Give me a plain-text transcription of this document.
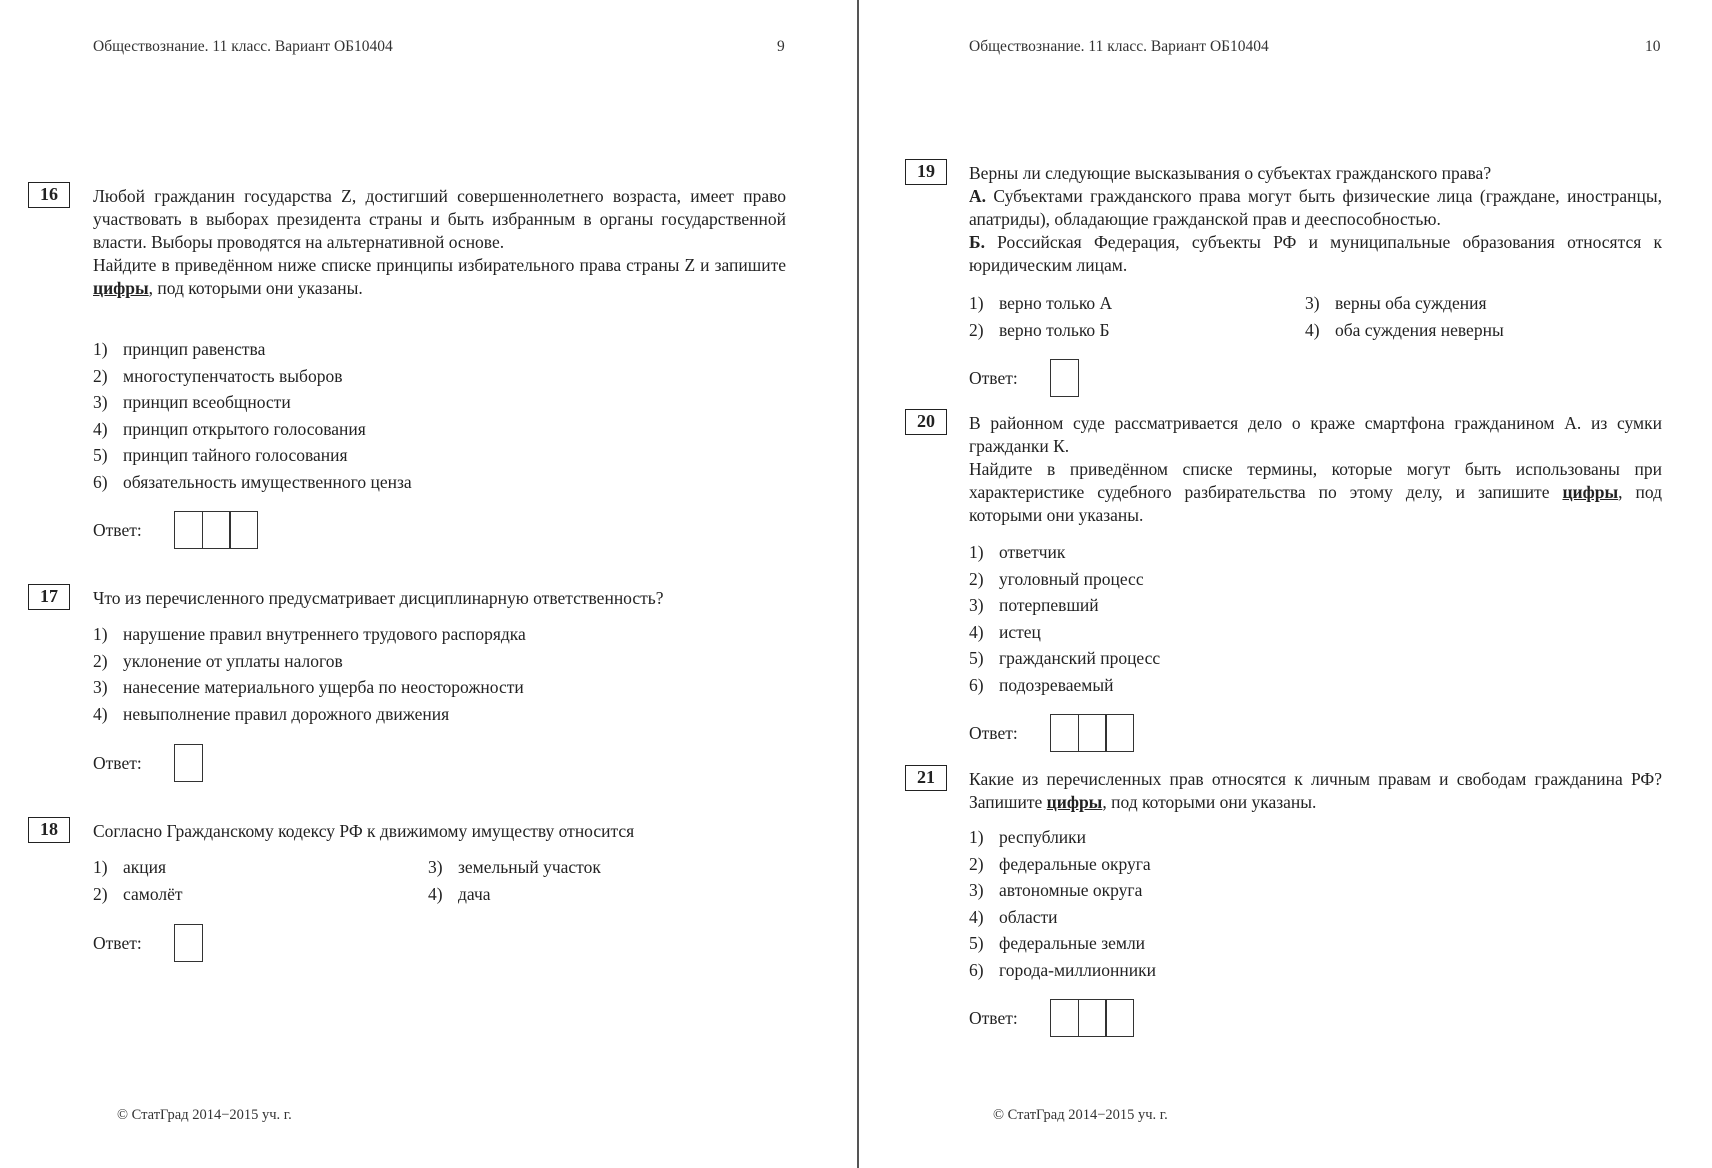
Обществознание. 11 класс. Вариант ОБ10404	9
16	Любой гражданин государства Z, достигший совершеннолетнего возраста, имеет право участвовать в выборах президента страны и быть избранным в органы государственной власти. Выборы проводятся на альтернативной основе.

Найдите в приведённом ниже списке принципы избирательного права страны Z и запишите цифры, под которыми они указаны.

1) принцип равенства
2) многоступенчатость выборов
3) принцип всеобщности
4) принцип открытого голосования
5) принцип тайного голосования
6) обязательность имущественного ценза
Ответ:
17	Что из перечисленного предусматривает дисциплинарную ответственность?
1) нарушение правил внутреннего трудового распорядка
2) уклонение от уплаты налогов
3) нанесение материального ущерба по неосторожности
4) невыполнение правил дорожного движения
Ответ:
18	Согласно Гражданскому кодексу РФ к движимому имуществу относится
1) акция
2) самолёт
3) земельный участок
4) дача
Ответ:
© СтатГрад 2014−2015 уч. г.
Обществознание. 11 класс. Вариант ОБ10404	10
19	Верны ли следующие высказывания о субъектах гражданского права?

А. Субъектами гражданского права могут быть физические лица (граждане, иностранцы, апатриды), обладающие гражданской прав и дееспособностью.

Б. Российская Федерация, субъекты РФ и муниципальные образования относятся к юридическим лицам.

1) верно только А
2) верно только Б
3) верны оба суждения
4) оба суждения неверны
Ответ:
20	В районном суде рассматривается дело о краже смартфона гражданином А. из сумки гражданки К.

Найдите в приведённом списке термины, которые могут быть использованы при характеристике судебного разбирательства по этому делу, и запишите цифры, под которыми они указаны.

1) ответчик
2) уголовный процесс
3) потерпевший
4) истец
5) гражданский процесс
6) подозреваемый
Ответ:
21	Какие из перечисленных прав относятся к личным правам и свободам гражданина РФ? Запишите цифры, под которыми они указаны.

1) республики
2) федеральные округа
3) автономные округа
4) области
5) федеральные земли
6) города-миллионники
Ответ:
© СтатГрад 2014−2015 уч. г.
